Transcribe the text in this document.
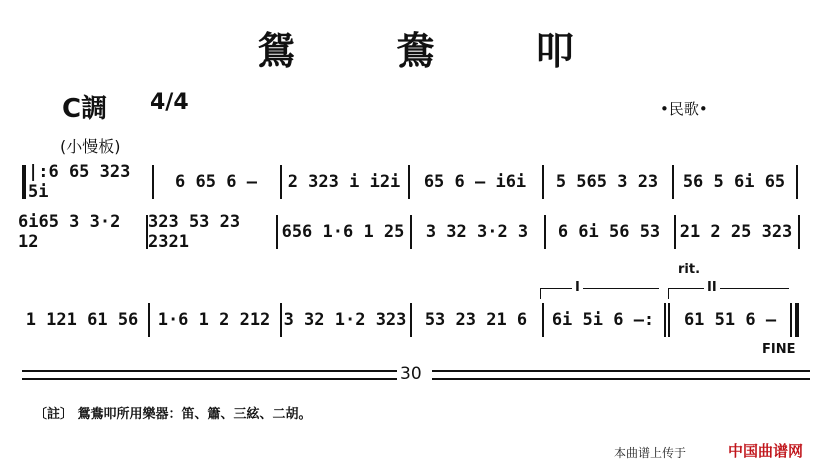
鴛 鴦 叩
C調 4/4	•民歌•
(小慢板)
|:6 65 323 5i	6 65 6 —	2 323 i i2i	65 6 — i6i	5 565 3 23	56 5 6i 65
6i65 3 3·2 12
323 53 23 2321	656 1·6 1 25	3 32 3·2 3	6 6i 56 53	21 2 25 323
rit.
I	II
1 121 61 56	1·6 1 2 212 3 32 1·2 323	53 23 21 6	6i 5i 6 —:	61 51 6 —
FINE
30
〔註〕 鴛鴦叩所用樂器：笛、簫、三絃、二胡。
本曲谱上传于	中国曲谱网
